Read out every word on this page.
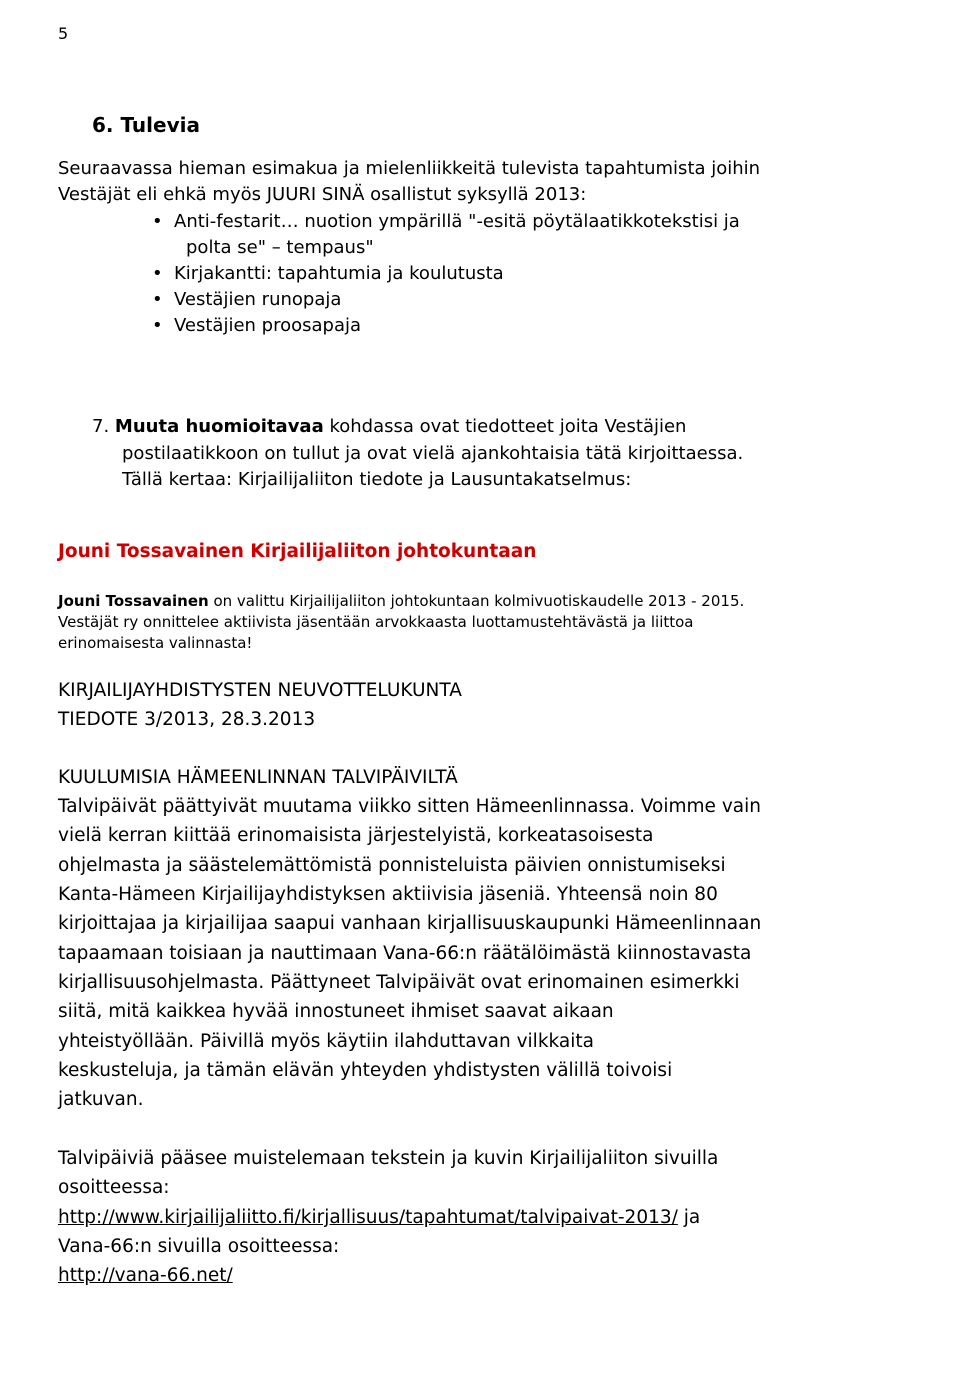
5
6. Tulevia
Seuraavassa hieman esimakua ja mielenliikkeitä tulevista tapahtumista joihin
Vestäjät eli ehkä myös JUURI SINÄ osallistut syksyllä 2013:
• Anti-festarit… nuotion ympärillä "-esitä pöytälaatikkotekstisi ja
polta se" – tempaus"
• Kirjakantti: tapahtumia ja koulutusta
• Vestäjien runopaja
• Vestäjien proosapaja
7. Muuta huomioitavaa kohdassa ovat tiedotteet joita Vestäjien
postilaatikkoon on tullut ja ovat vielä ajankohtaisia tätä kirjoittaessa.
Tällä kertaa: Kirjailijaliiton tiedote ja Lausuntakatselmus:
Jouni Tossavainen Kirjailijaliiton johtokuntaan
Jouni Tossavainen on valittu Kirjailijaliiton johtokuntaan kolmivuotiskaudelle 2013 - 2015.
Vestäjät ry onnittelee aktiivista jäsentään arvokkaasta luottamustehtävästä ja liittoa
erinomaisesta valinnasta!
KIRJAILIJAYHDISTYSTEN NEUVOTTELUKUNTA
TIEDOTE 3/2013, 28.3.2013
KUULUMISIA HÄMEENLINNAN TALVIPÄIVILTÄ
Talvipäivät päättyivät muutama viikko sitten Hämeenlinnassa. Voimme vain
vielä kerran kiittää erinomaisista järjestelyistä, korkeatasoisesta
ohjelmasta ja säästelemättömistä ponnisteluista päivien onnistumiseksi
Kanta-Hämeen Kirjailijayhdistyksen aktiivisia jäseniä. Yhteensä noin 80
kirjoittajaa ja kirjailijaa saapui vanhaan kirjallisuuskaupunki Hämeenlinnaan
tapaamaan toisiaan ja nauttimaan Vana-66:n räätälöimästä kiinnostavasta
kirjallisuusohjelmasta. Päättyneet Talvipäivät ovat erinomainen esimerkki
siitä, mitä kaikkea hyvää innostuneet ihmiset saavat aikaan
yhteistyöllään. Päivillä myös käytiin ilahduttavan vilkkaita
keskusteluja, ja tämän elävän yhteyden yhdistysten välillä toivoisi
jatkuvan.
Talvipäiviä pääsee muistelemaan tekstein ja kuvin Kirjailijaliiton sivuilla
osoitteessa:
http://www.kirjailijaliitto.fi/kirjallisuus/tapahtumat/talvipaivat-2013/ ja
Vana-66:n sivuilla osoitteessa:
http://vana-66.net/
